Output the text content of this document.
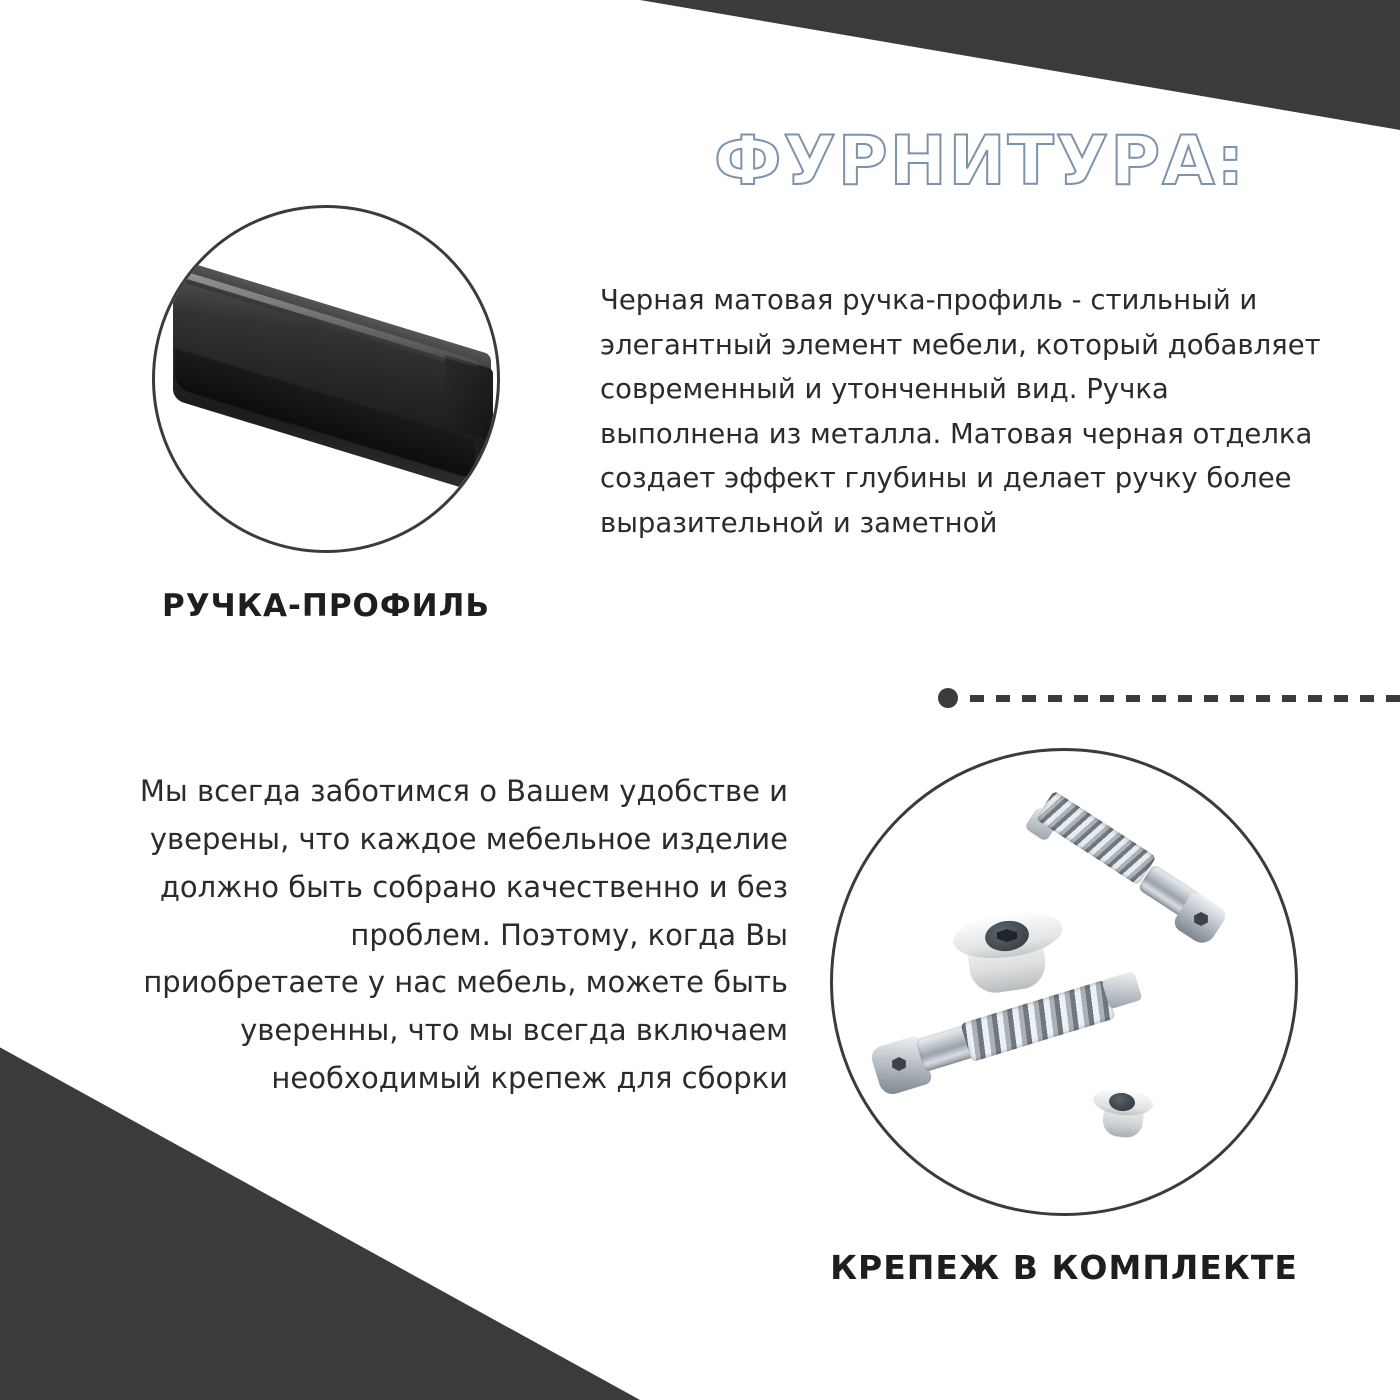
ФУРНИТУРА:
РУЧКА-ПРОФИЛЬ
Черная матовая ручка-профиль - стильный и элегантный элемент мебели, который добавляет современный и утонченный вид. Ручка выполнена из металла. Матовая черная отделка создает эффект глубины и делает ручку более выразительной и заметной
Мы всегда заботимся о Вашем удобстве и уверены, что каждое мебельное изделие должно быть собрано качественно и без проблем. Поэтому, когда Вы приобретаете у нас мебель, можете быть уверенны, что мы всегда включаем необходимый крепеж для сборки
КРЕПЕЖ В КОМПЛЕКТЕ
